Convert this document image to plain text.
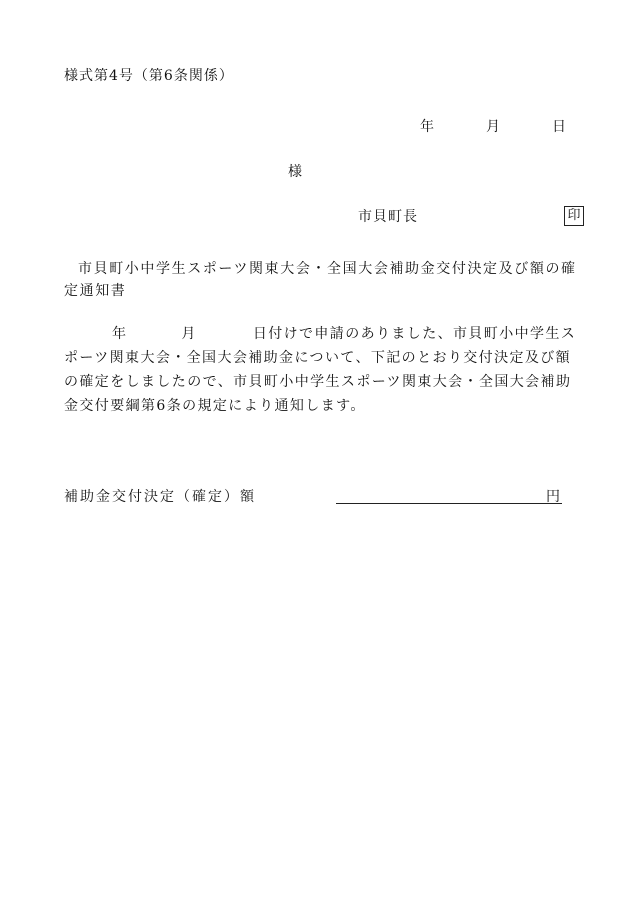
様式第4号（第6条関係）
年	月	日
様
市貝町長	印
市貝町小中学生スポーツ関東大会・全国大会補助金交付決定及び額の確定通知書
年	月	日付けで申請のありました、市貝町小中学生スポーツ関東大会・全国大会補助金について、下記のとおり交付決定及び額の確定をしましたので、市貝町小中学生スポーツ関東大会・全国大会補助金交付要綱第6条の規定により通知します。
補助金交付決定（確定）額	円
